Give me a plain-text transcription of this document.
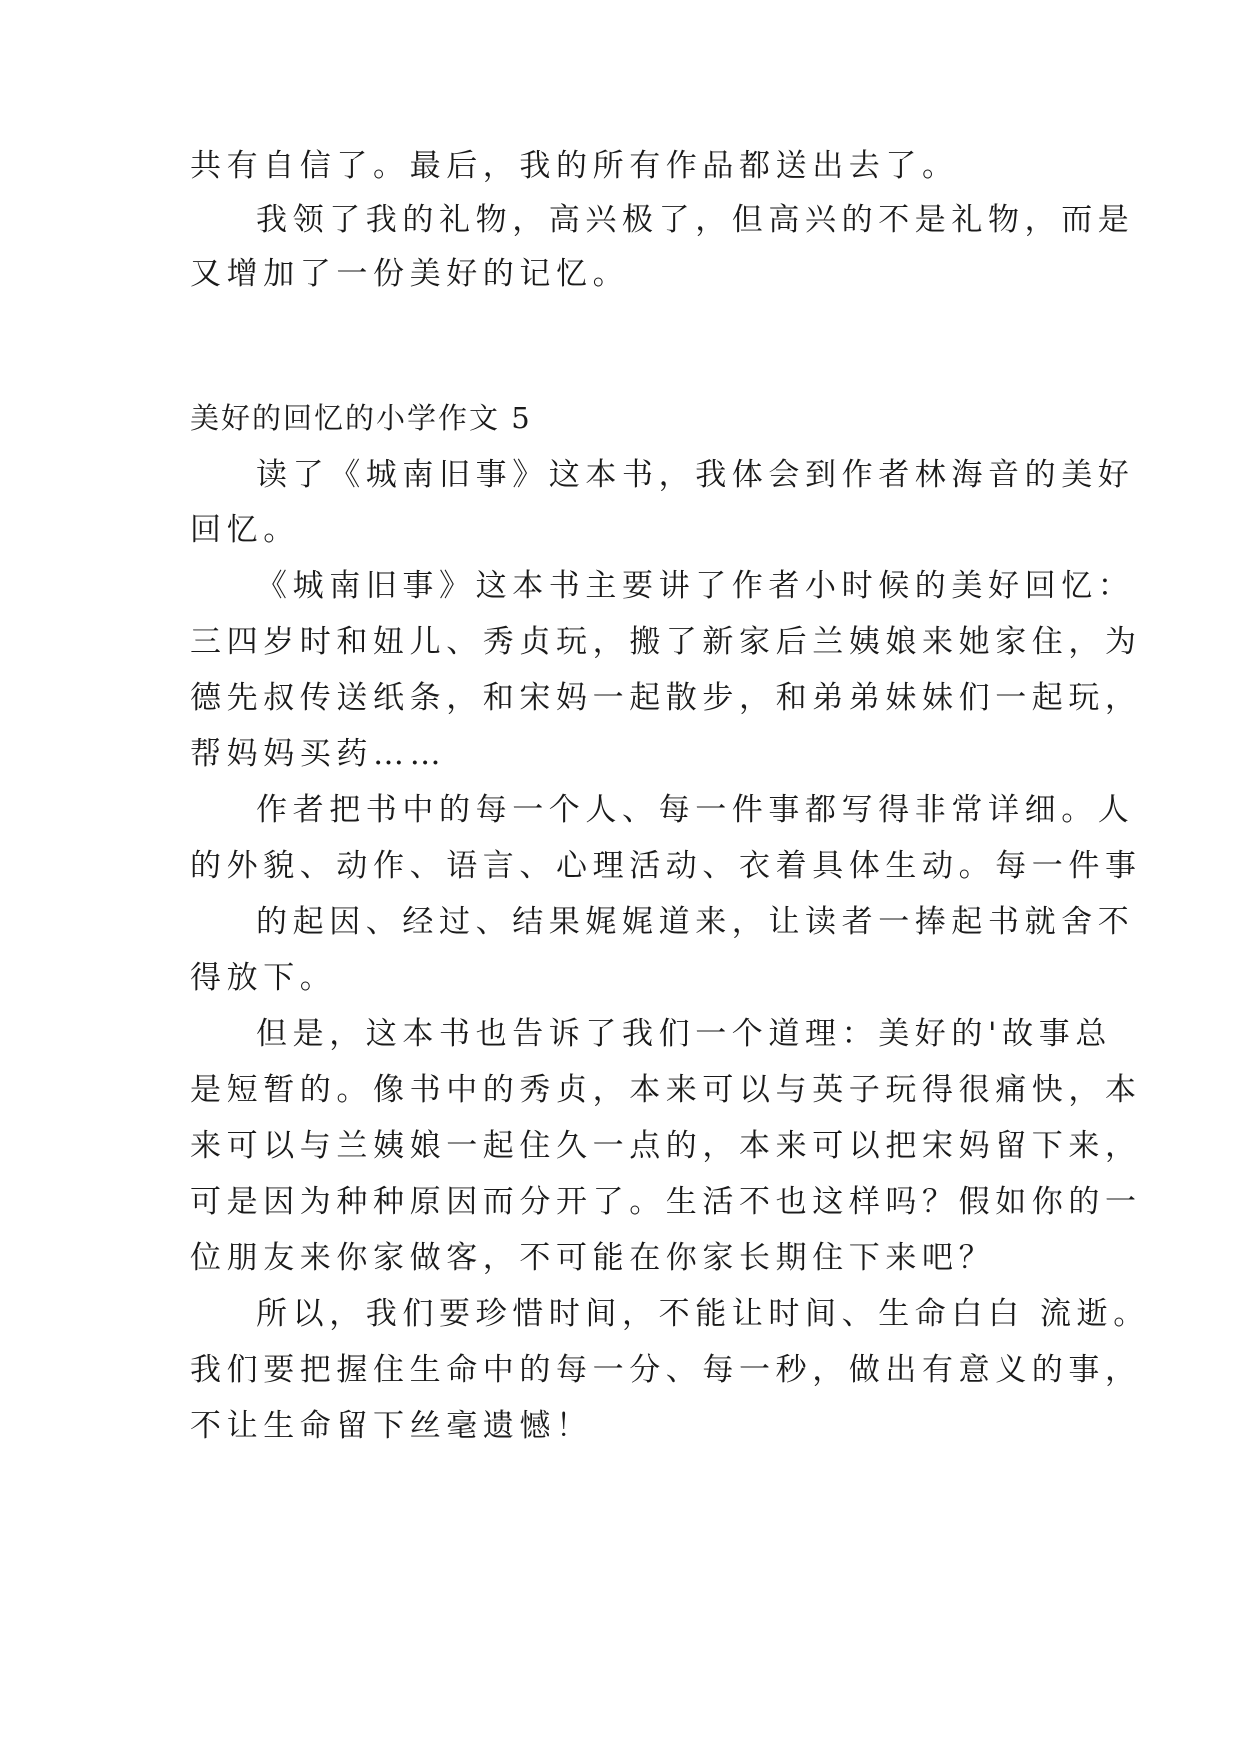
共有自信了。最后，我的所有作品都送出去了。
我领了我的礼物，高兴极了，但高兴的不是礼物，而是
又增加了一份美好的记忆。
美好的回忆的小学作文 5
读了《城南旧事》这本书，我体会到作者林海音的美好
回忆。
《城南旧事》这本书主要讲了作者小时候的美好回忆：
三四岁时和妞儿、秀贞玩，搬了新家后兰姨娘来她家住，为
德先叔传送纸条，和宋妈一起散步，和弟弟妹妹们一起玩，
帮妈妈买药……
作者把书中的每一个人、每一件事都写得非常详细。人
的外貌、动作、语言、心理活动、衣着具体生动。每一件事
的起因、经过、结果娓娓道来，让读者一捧起书就舍不
得放下。
但是，这本书也告诉了我们一个道理：美好的'故事总
是短暂的。像书中的秀贞，本来可以与英子玩得很痛快，本
来可以与兰姨娘一起住久一点的，本来可以把宋妈留下来，
可是因为种种原因而分开了。生活不也这样吗？假如你的一
位朋友来你家做客，不可能在你家长期住下来吧？
所以，我们要珍惜时间，不能让时间、生命白白 流逝。
我们要把握住生命中的每一分、每一秒，做出有意义的事，
不让生命留下丝毫遗憾！
